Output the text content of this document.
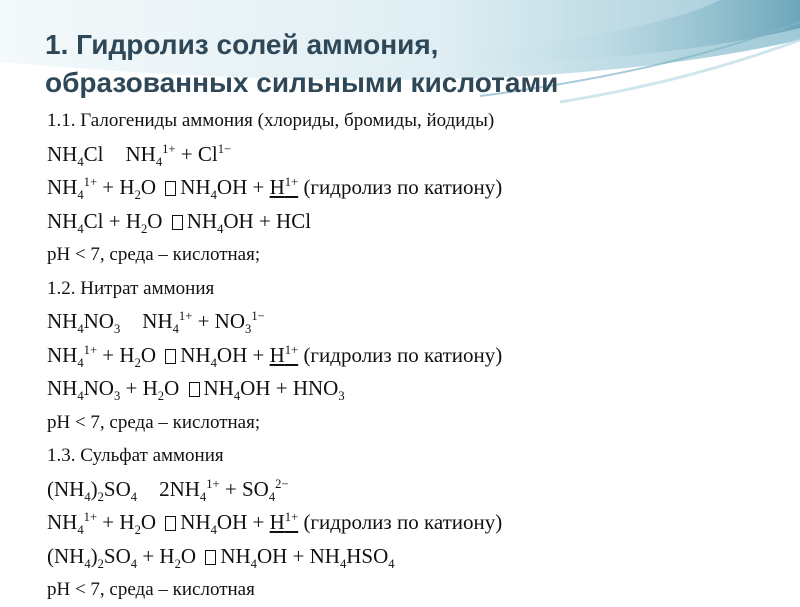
1. Гидролиз солей аммония,
образованных сильными кислотами
1.1. Галогениды аммония (хлориды, бромиды, йодиды)
$NH_4Cl$ $NH_4^{1+} + Cl^{1-}$
$NH_4^{1+} + H_2O$ $NH_4OH + H^{1+}$ (гидролиз по катиону)
$NH_4Cl + H_2O$ $NH_4OH$ + HCl
pH < 7, среда – кислотная;
1.2. Нитрат аммония
$NH_4NO_3$ $NH_4^{1+} + NO_3^{1-}$
$NH_4^{1+} + H_2O$ $NH_4OH + H^{1+}$ (гидролиз по катиону)
$NH_4NO_3 + H_2O$ $NH_4OH + HNO_3$
pH < 7, среда – кислотная;
1.3. Сульфат аммония
$(NH_4)_2SO_4$ $2NH_4^{1+} + SO_4^{2-}$
$NH_4^{1+} + H_2O$ $NH_4OH + H^{1+}$ (гидролиз по катиону)
$(NH_4)_2SO_4 + H_2O$ $NH_4OH + NH_4HSO_4$
pH < 7, среда – кислотная
